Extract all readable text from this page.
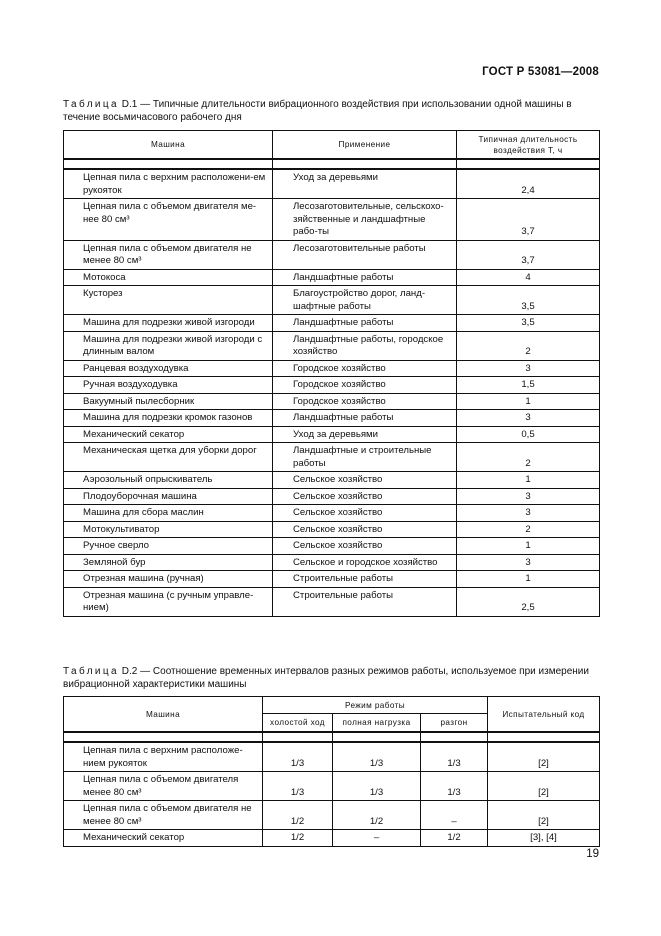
ГОСТ Р 53081—2008
Таблица D.1 — Типичные длительности вибрационного воздействия при использовании одной машины в течение восьмичасового рабочего дня
Машина	Применение	Типичная длительность воздействия Т, ч

Цепная пила с верхним расположени-ем рукояток	Уход за деревьями	2,4
Цепная пила с объемом двигателя ме-нее 80 см³	Лесозаготовительные, сельскохо-зяйственные и ландшафтные рабо-ты	3,7
Цепная пила с объемом двигателя не менее 80 см³	Лесозаготовительные работы	3,7
Мотокоса	Ландшафтные работы	4
Кусторез	Благоустройство дорог, ланд-шафтные работы	3,5
Машина для подрезки живой изгороди	Ландшафтные работы	3,5
Машина для подрезки живой изгороди с длинным валом	Ландшафтные работы, городское хозяйство	2
Ранцевая воздуходувка	Городское хозяйство	3
Ручная воздуходувка	Городское хозяйство	1,5
Вакуумный пылесборник	Городское хозяйство	1
Машина для подрезки кромок газонов	Ландшафтные работы	3
Механический секатор	Уход за деревьями	0,5
Механическая щетка для уборки дорог	Ландшафтные и строительные работы	2
Аэрозольный опрыскиватель	Сельское хозяйство	1
Плодоуборочная машина	Сельское хозяйство	3
Машина для сбора маслин	Сельское хозяйство	3
Мотокультиватор	Сельское хозяйство	2
Ручное сверло	Сельское хозяйство	1
Земляной бур	Сельское и городское хозяйство	3
Отрезная машина (ручная)	Строительные работы	1
Отрезная машина (с ручным управле-нием)	Строительные работы	2,5
Таблица D.2 — Соотношение временных интервалов разных режимов работы, используемое при измерении вибрационной характеристики машины
Машина	Режим работы			Испытательный код
	холостой ход	полная нагрузка	разгон	

Цепная пила с верхним расположе-нием рукояток	1/3	1/3	1/3	[2]
Цепная пила с объемом двигателя менее 80 см³	1/3	1/3	1/3	[2]
Цепная пила с объемом двигателя не менее 80 см³	1/2	1/2	–	[2]
Механический секатор	1/2	–	1/2	[3], [4]
19
